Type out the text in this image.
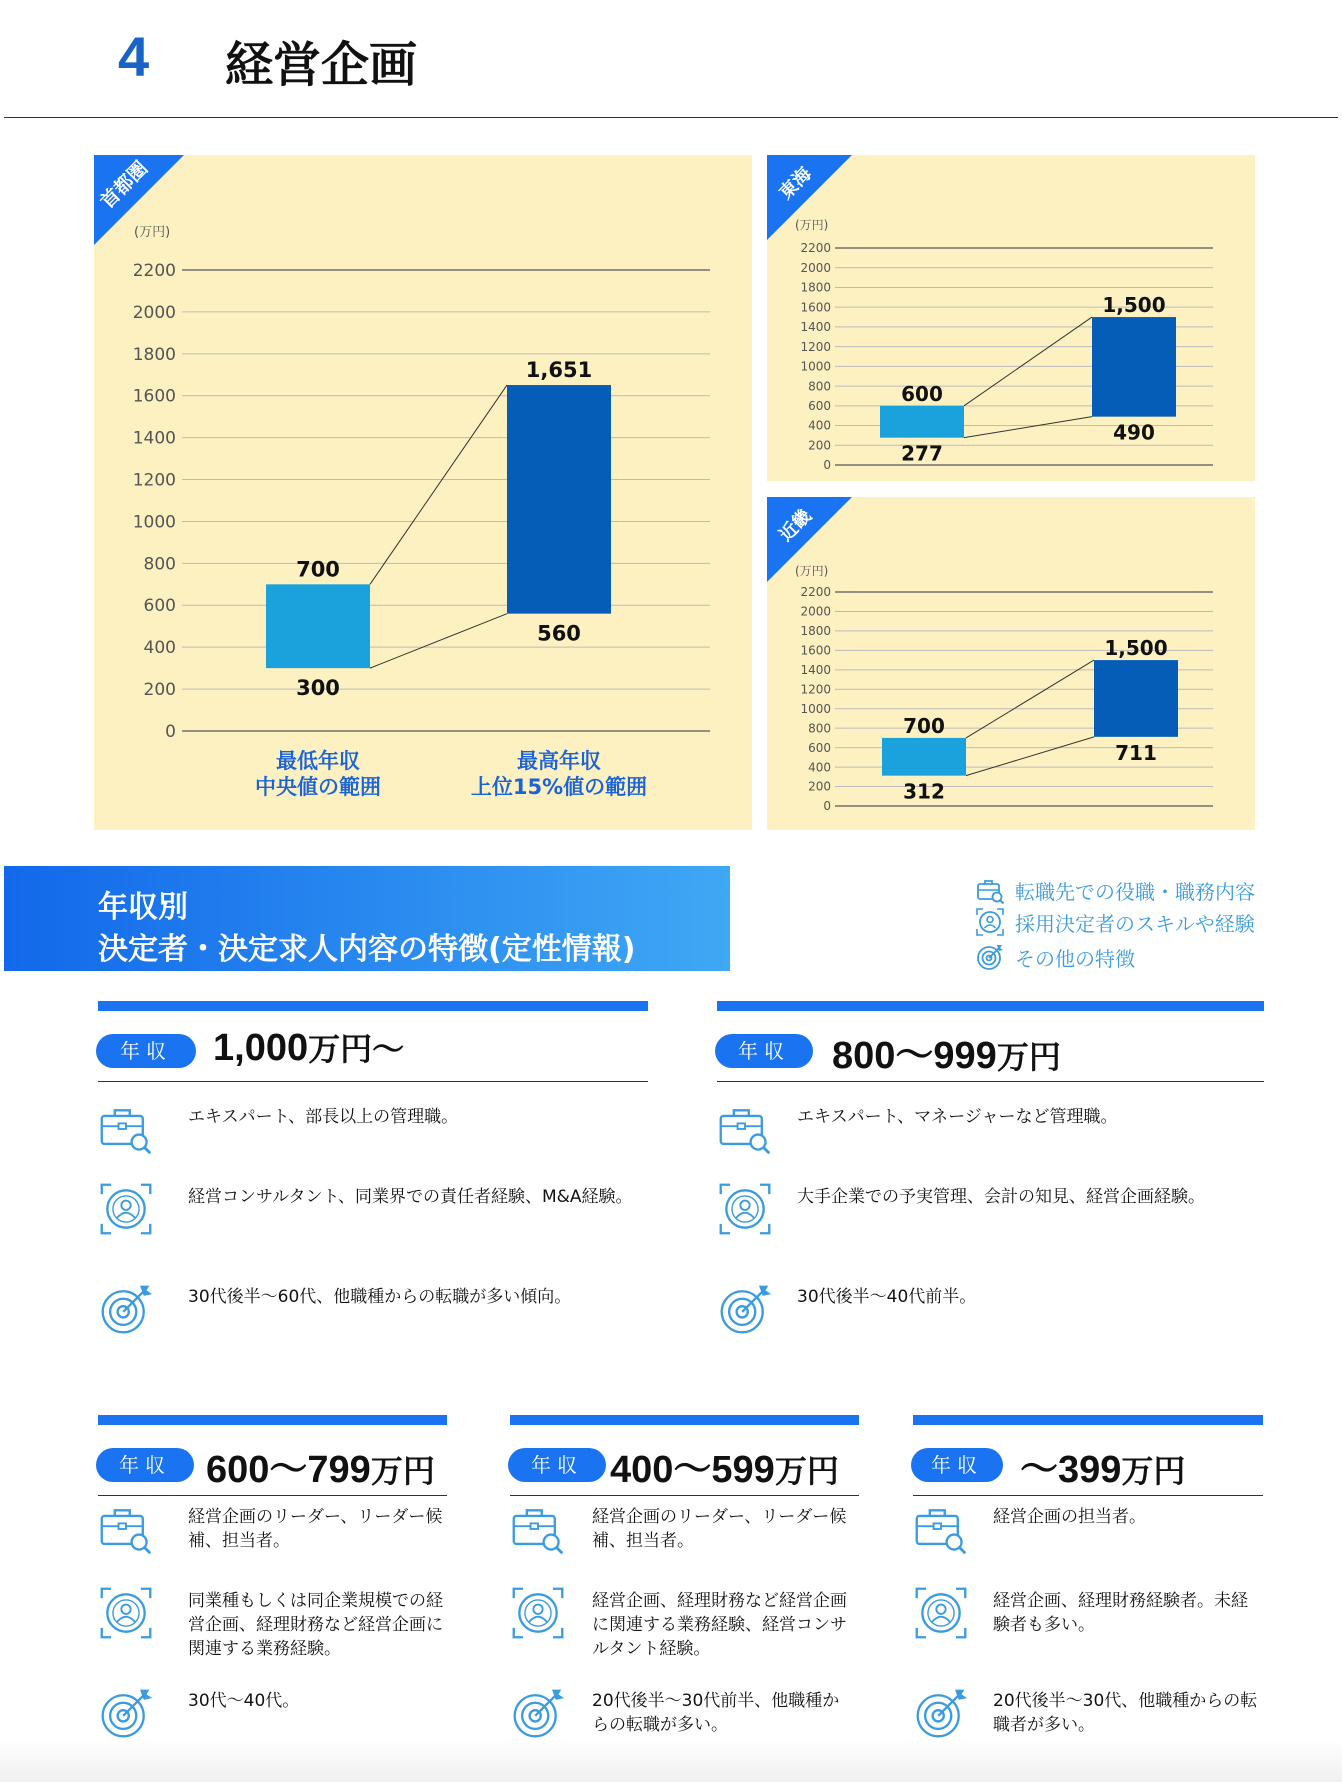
4 経営企画
首都圏
(万円)
0
200
400
600
800
1000
1200
1400
1600
1800
2000
2200
700
300
1,651
560
最低年収
中央値の範囲
最高年収
上位15%値の範囲
東海
(万円)
0
200
400
600
800
1000
1200
1400
1600
1800
2000
2200
600
277
1,500
490
近畿
(万円)
0
200
400
600
800
1000
1200
1400
1600
1800
2000
2200
700
312
1,500
711
年収別
決定者・決定求人内容の特徴(定性情報)
転職先での役職・職務内容
採用決定者のスキルや経験
その他の特徴
年収	1,000万円〜
エキスパート、部長以上の管理職。
経営コンサルタント、同業界での責任者経験、M&A経験。
30代後半〜60代、他職種からの転職が多い傾向。
年収	800〜999万円
エキスパート、マネージャーなど管理職。
大手企業での予実管理、会計の知見、経営企画経験。
30代後半〜40代前半。
年収 600〜799万円
経営企画のリーダー、リーダー候補、担当者。
同業種もしくは同企業規模での経営企画、経理財務など経営企画に関連する業務経験。
30代〜40代。
年収 400〜599万円
経営企画のリーダー、リーダー候補、担当者。
経営企画、経理財務など経営企画に関連する業務経験、経営コンサルタント経験。
20代後半〜30代前半、他職種からの転職が多い。
年収 〜399万円
経営企画の担当者。
経営企画、経理財務経験者。未経験者も多い。
20代後半〜30代、他職種からの転職者が多い。
